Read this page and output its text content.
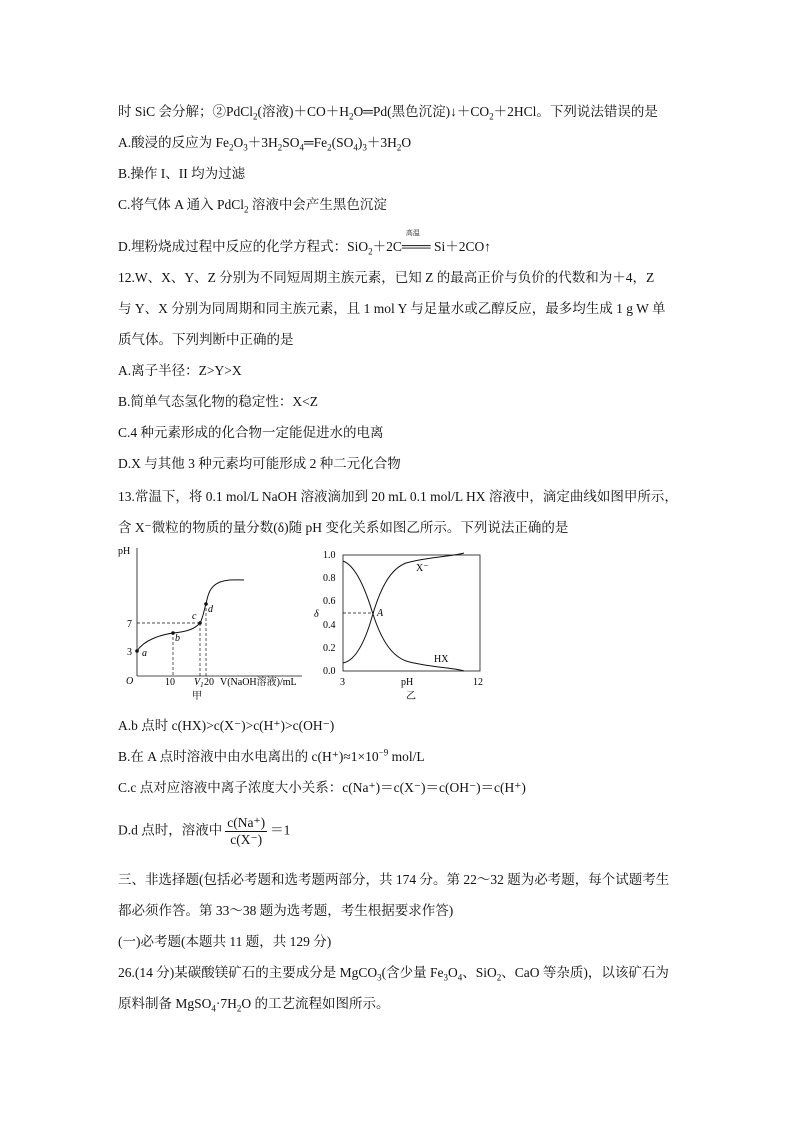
时 SiC 会分解；②PdCl$_2$(溶液)$+CO+H_2O═Pd$(黑色沉淀)$↓+CO_2+2HCl$。下列说法错误的是
A.酸浸的反应为 $Fe_2O_3+3H_2SO_4═Fe_2(SO_4)_3+3H_2O$
B.操作 I、II 均为过滤
C.将气体 A 通入 PdCl$_2$ 溶液中会产生黑色沉淀
D.埋粉烧成过程中反应的化学方程式：SiO$_2$＋2C
高温
═══ Si＋2CO↑
12.W、X、Y、Z 分别为不同短周期主族元素，已知 Z 的最高正价与负价的代数和为＋4，Z
与 Y、X 分别为同周期和同主族元素，且 1 mol Y 与足量水或乙醇反应，最多均生成 1 g W 单
质气体。下列判断中正确的是
A.离子半径：Z>Y>X
B.简单气态氢化物的稳定性：X<Z
C.4 种元素形成的化合物一定能促进水的电离
D.X 与其他 3 种元素均可能形成 2 种二元化合物
13.常温下，将 0.1 mol/L NaOH 溶液滴加到 20 mL 0.1 mol/L HX 溶液中，滴定曲线如图甲所示，
含 X⁻微粒的物质的量分数(δ)随 pH 变化关系如图乙所示。下列说法正确的是
pH
O
7
3
10 $V_1$ 20 V(NaOH溶液)/mL
甲
a
b
c
d	δ
1.0
0.8
0.6
0.4
0.2
0.0
3	pH	12
乙
X⁻
HX
A
A.b 点时 c(HX)>c(X⁻)>c(H⁺)>c(OH⁻)
B.在 A 点时溶液中由水电离出的 $c(H^+)\approx 1\times 10^{-9}$ mol/L
C.c 点对应溶液中离子浓度大小关系：c(Na⁺)＝c(X⁻)＝c(OH⁻)＝c(H⁺)
D.d 点时，溶液中 $\frac{c(Na^+)}{c(X^-)} =1$
三、非选择题(包括必考题和选考题两部分，共 174 分。第 22～32 题为必考题，每个试题考生
都必须作答。第 33～38 题为选考题，考生根据要求作答)
(一)必考题(本题共 11 题，共 129 分)
26.(14 分)某碳酸镁矿石的主要成分是 MgCO$_3$(含少量 $Fe_3O_4$、SiO$_2$、CaO 等杂质)，以该矿石为
原料制备 $MgSO_4\cdot 7H_2O$ 的工艺流程如图所示。
